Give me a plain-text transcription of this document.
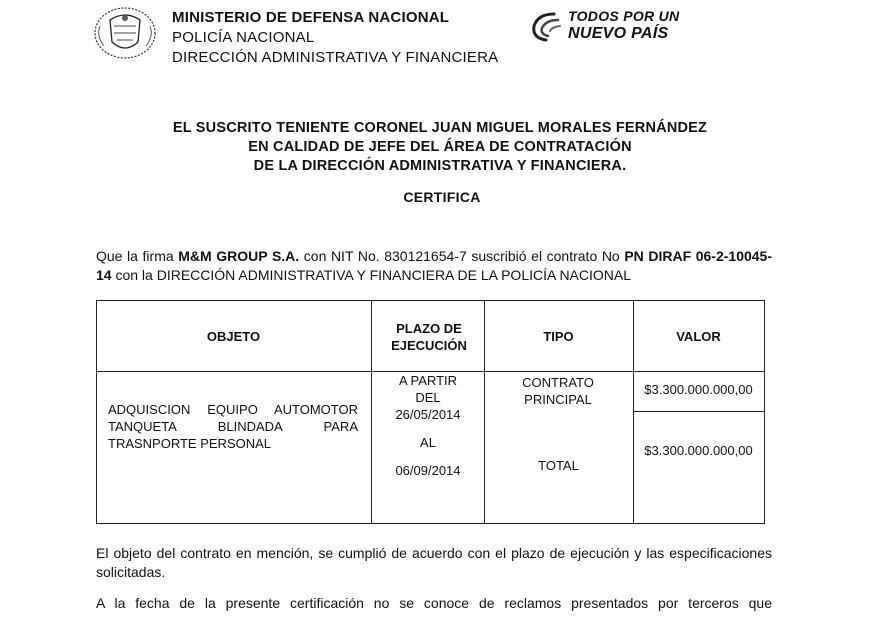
MINISTERIO DE DEFENSA NACIONAL
POLICÍA NACIONAL
DIRECCIÓN ADMINISTRATIVA Y FINANCIERA
TODOS POR UN
NUEVO PAÍS
EL SUSCRITO TENIENTE CORONEL JUAN MIGUEL MORALES FERNÁNDEZ
EN CALIDAD DE JEFE DEL ÁREA DE CONTRATACIÓN
DE LA DIRECCIÓN ADMINISTRATIVA Y FINANCIERA.
CERTIFICA
Que la firma M&M GROUP S.A. con NIT No. 830121654-7 suscribió el contrato No PN DIRAF 06-2-10045-14 con la DIRECCIÓN ADMINISTRATIVA Y FINANCIERA DE LA POLICÍA NACIONAL
OBJETO
PLAZO DE EJECUCIÓN
TIPO	VALOR
ADQUISCION EQUIPO AUTOMOTOR TANQUETA BLINDADA PARA TRASNPORTE PERSONAL
A PARTIR
DEL
26/05/2014
AL
06/09/2014
CONTRATO PRINCIPAL
TOTAL
$3.300.000.000,00
$3.300.000.000,00
El objeto del contrato en mención, se cumplió de acuerdo con el plazo de ejecución y las especificaciones solicitadas.
A la fecha de la presente certificación no se conoce de reclamos presentados por terceros que
